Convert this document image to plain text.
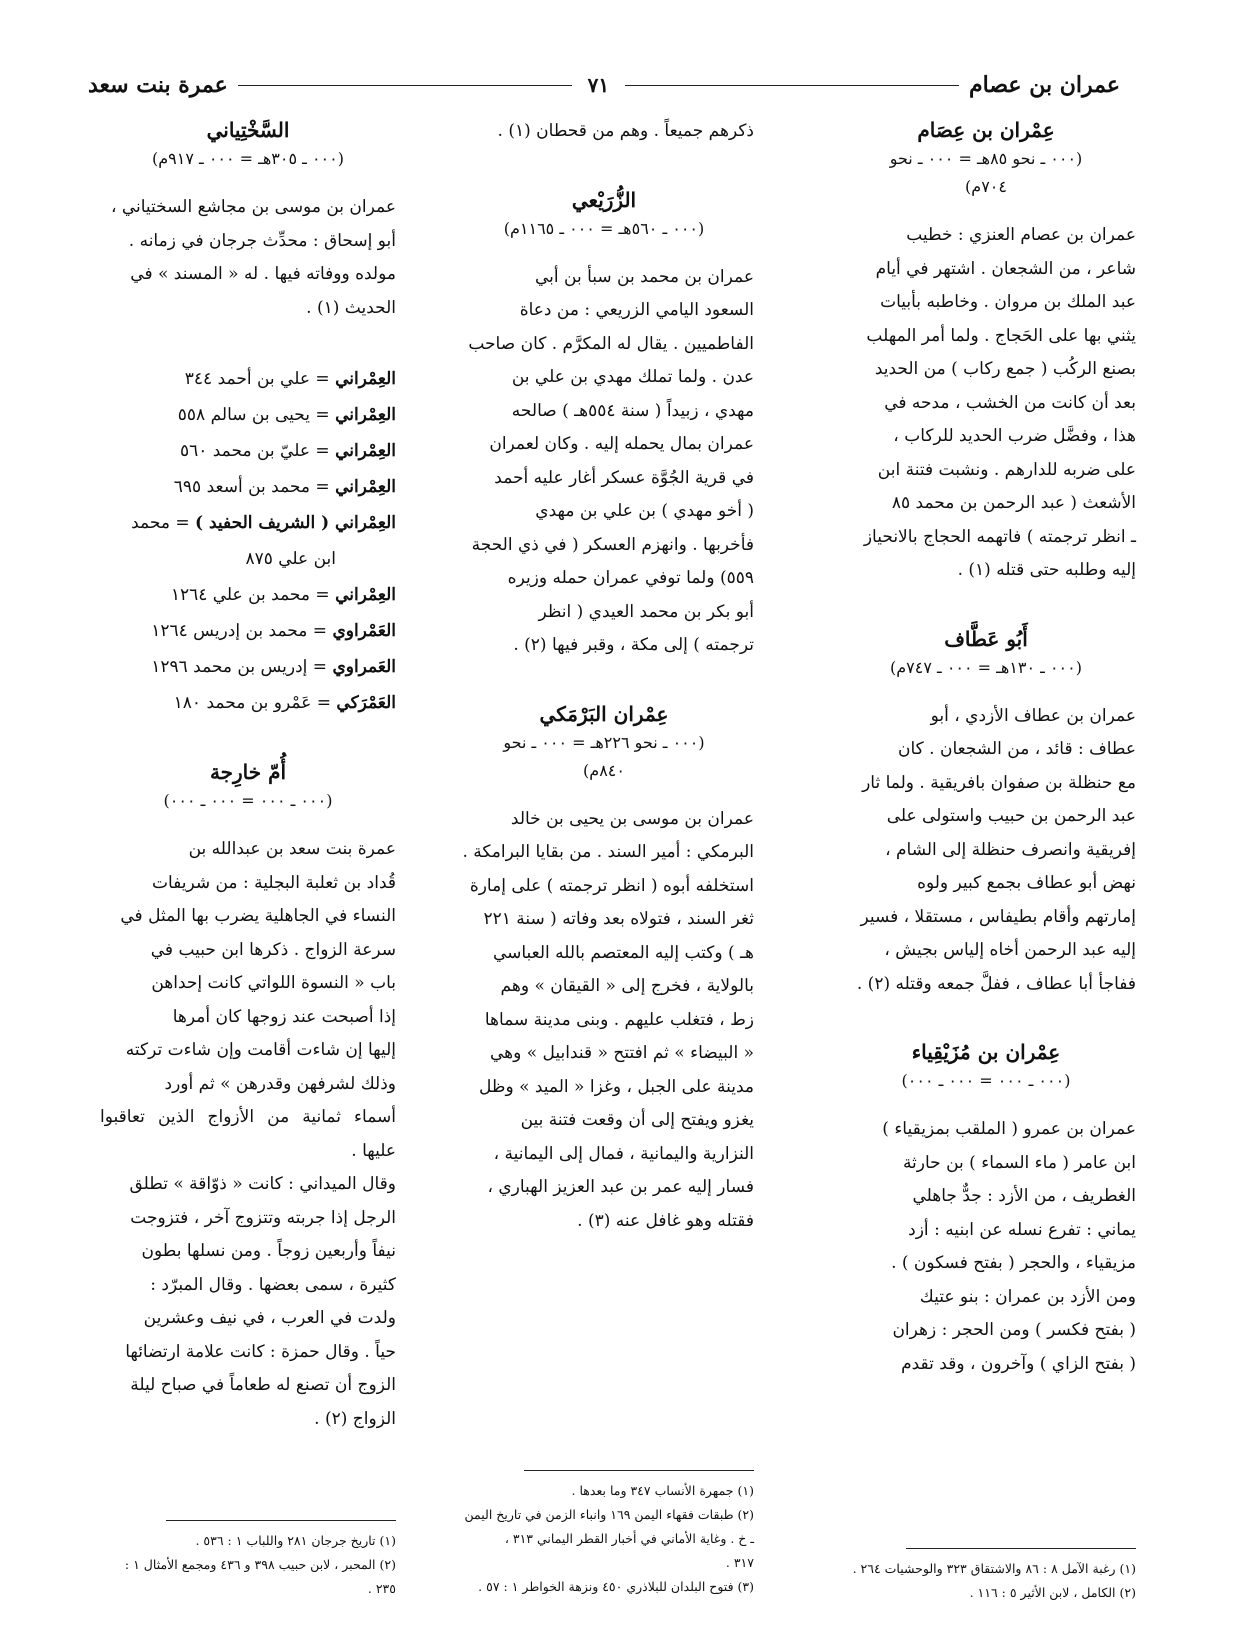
عمران بن عصام
٧١
عمرة بنت سعد

عِمْران بن عِصَام

(٠٠٠ ـ نحو ٨٥هـ = ٠٠٠ ـ نحو

٧٠٤م)

عمران بن عصام العنزي : خطيب

شاعر ، من الشجعان . اشتهر في أيام

عبد الملك بن مروان . وخاطبه بأبيات

يثني بها على الحَجاج . ولما أمر المهلب

بصنع الركُب ( جمع ركاب ) من الحديد

بعد أن كانت من الخشب ، مدحه في

هذا ، وفضَّل ضرب الحديد للركاب ،

على ضربه للدارهم . ونشبت فتنة ابن

الأشعث ( عبد الرحمن بن محمد ٨٥

ـ انظر ترجمته ) فاتهمه الحجاج بالانحياز

إليه وطلبه حتى قتله (١) .

أَبُو عَطَّاف

(٠٠٠ ـ ١٣٠هـ = ٠٠٠ ـ ٧٤٧م)

عمران بن عطاف الأزدي ، أبو

عطاف : قائد ، من الشجعان . كان

مع حنظلة بن صفوان بافريقية . ولما ثار

عبد الرحمن بن حبيب واستولى على

إفريقية وانصرف حنظلة إلى الشام ،

نهض أبو عطاف بجمع كبير ولوه

إمارتهم وأقام بطيفاس ، مستقلا ، فسير

إليه عبد الرحمن أخاه إلياس بجيش ،

ففاجأ أبا عطاف ، ففلَّ جمعه وقتله (٢) .

عِمْران بن مُزَيْقِياء

(٠٠٠ ـ ٠٠٠ = ٠٠٠ ـ ٠٠٠)

عمران بن عمرو ( الملقب بمزيقياء )

ابن عامر ( ماء السماء ) بن حارثة

الغطريف ، من الأزد : جدٌّ جاهلي

يماني : تفرع نسله عن ابنيه : أزد

مزيقياء ، والحجر ( بفتح فسكون ) .

ومن الأزد بن عمران : بنو عتيك

( بفتح فكسر ) ومن الحجر : زهران

( بفتح الزاي ) وآخرون ، وقد تقدم

(١) رغبة الآمل ٨ : ٨٦ والاشتقاق ٣٢٣ والوحشيات ٢٦٤ .

(٢) الكامل ، لابن الأثير ٥ : ١١٦ .

ذكرهم جميعاً . وهم من قحطان (١) .

الزُّرَيْعي

(٠٠٠ ـ ٥٦٠هـ = ٠٠٠ ـ ١١٦٥م)

عمران بن محمد بن سبأ بن أبي

السعود اليامي الزريعي : من دعاة

الفاطميين . يقال له المكرَّم . كان صاحب

عدن . ولما تملك مهدي بن علي بن

مهدي ، زبيداً ( سنة ٥٥٤هـ ) صالحه

عمران بمال يحمله إليه . وكان لعمران

في قرية الجُوَّة عسكر أغار عليه أحمد

( أخو مهدي ) بن علي بن مهدي

فأخربها . وانهزم العسكر ( في ذي الحجة

٥٥٩) ولما توفي عمران حمله وزيره

أبو بكر بن محمد العيدي ( انظر

ترجمته ) إلى مكة ، وقبر فيها (٢) .

عِمْران البَرْمَكي

(٠٠٠ ـ نحو ٢٢٦هـ = ٠٠٠ ـ نحو

٨٤٠م)

عمران بن موسى بن يحيى بن خالد

البرمكي : أمير السند . من بقايا البرامكة .

استخلفه أبوه ( انظر ترجمته ) على إمارة

ثغر السند ، فتولاه بعد وفاته ( سنة ٢٢١

هـ ) وكتب إليه المعتصم بالله العباسي

بالولاية ، فخرج إلى « القيقان » وهم

زط ، فتغلب عليهم . وبنى مدينة سماها

« البيضاء » ثم افتتح « قندابيل » وهي

مدينة على الجبل ، وغزا « الميد » وظل

يغزو ويفتح إلى أن وقعت فتنة بين

النزارية واليمانية ، فمال إلى اليمانية ،

فسار إليه عمر بن عبد العزيز الهباري ،

فقتله وهو غافل عنه (٣) .

(١) جمهرة الأنساب ٣٤٧ وما بعدها .

(٢) طبقات فقهاء اليمن ١٦٩ وانباء الزمن في تاريخ اليمن

ـ خ . وغاية الأماني في أخبار القطر اليماني ٣١٣ ،

٣١٧ .

(٣) فتوح البلدان للبلاذري ٤٥٠ ونزهة الخواطر ١ : ٥٧ .

السَّخْتِياني

(٠٠٠ ـ ٣٠٥هـ = ٠٠٠ ـ ٩١٧م)

عمران بن موسى بن مجاشع السختياني ،

أبو إسحاق : محدِّث جرجان في زمانه .

مولده ووفاته فيها . له « المسند » في

الحديث (١) .

العِمْراني = علي بن أحمد ٣٤٤

العِمْراني = يحيى بن سالم ٥٥٨

العِمْراني = عليّ بن محمد ٥٦٠

العِمْراني = محمد بن أسعد ٦٩٥

العِمْراني ( الشريف الحفيد ) = محمد

ابن علي ٨٧٥

العِمْراني = محمد بن علي ١٢٦٤

العَمْراوي = محمد بن إدريس ١٢٦٤

العَمراوي = إدريس بن محمد ١٢٩٦

العَمْرَكي = عَمْرو بن محمد ١٨٠

أُمّ خارِجة

(٠٠٠ ـ ٠٠٠ = ٠٠٠ ـ ٠٠٠)

عمرة بنت سعد بن عبدالله بن

قُداد بن ثعلبة البجلية : من شريفات

النساء في الجاهلية يضرب بها المثل في

سرعة الزواج . ذكرها ابن حبيب في

باب « النسوة اللواتي كانت إحداهن

إذا أصبحت عند زوجها كان أمرها

إليها إن شاءت أقامت وإن شاءت تركته

وذلك لشرفهن وقدرهن » ثم أورد

أسماء ثمانية من الأزواج الذين تعاقبوا عليها .

وقال الميداني : كانت « ذوّاقة » تطلق

الرجل إذا جربته وتتزوج آخر ، فتزوجت

نيفاً وأربعين زوجاً . ومن نسلها بطون

كثيرة ، سمى بعضها . وقال المبرّد :

ولدت في العرب ، في نيف وعشرين

حياً . وقال حمزة : كانت علامة ارتضائها

الزوج أن تصنع له طعاماً في صباح ليلة

الزواج (٢) .

(١) تاريخ جرجان ٢٨١ واللباب ١ : ٥٣٦ .

(٢) المحبر ، لابن حبيب ٣٩٨ و ٤٣٦ ومجمع الأمثال ١ :

٢٣٥ .
